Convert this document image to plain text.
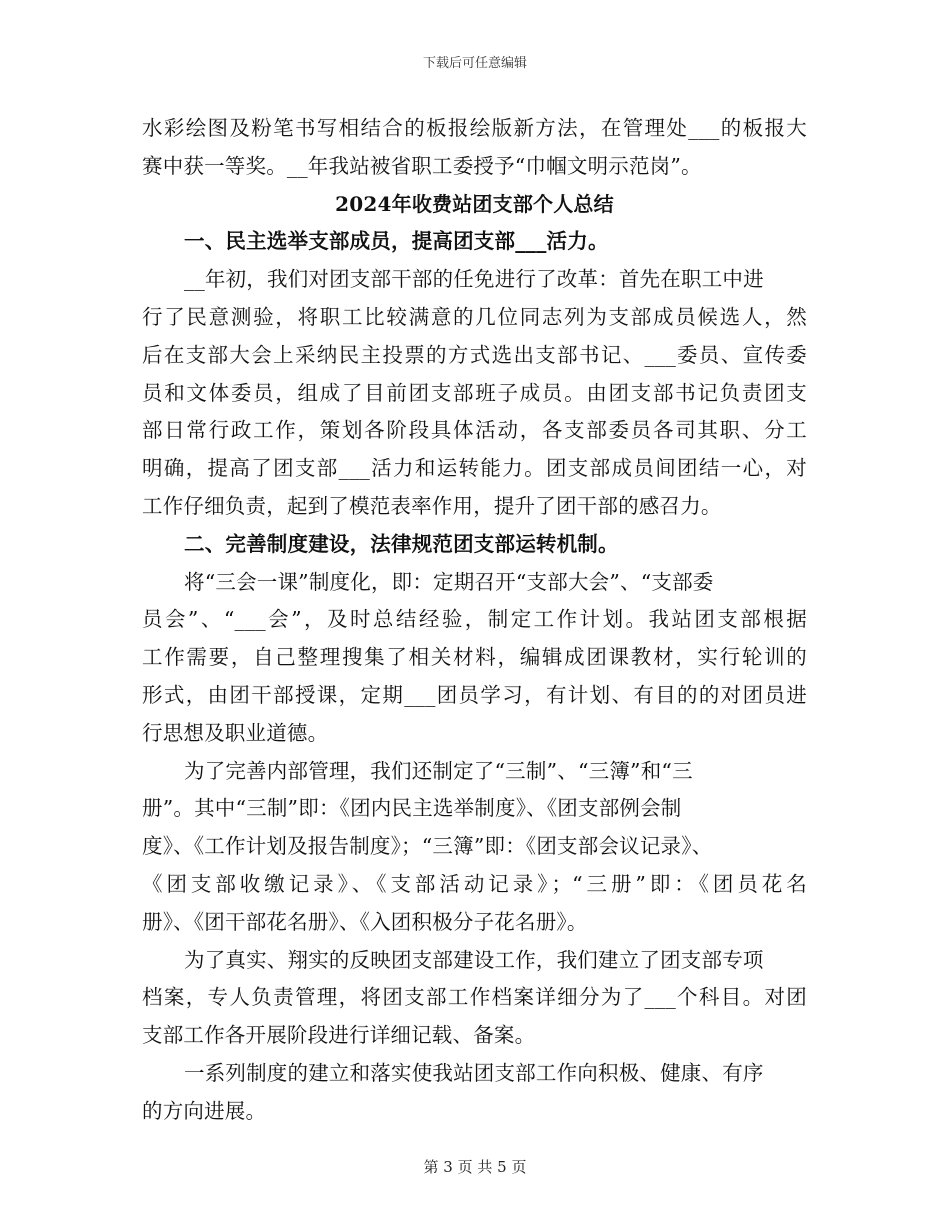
下载后可任意编辑
水彩绘图及粉笔书写相结合的板报绘版新方法，在管理处___的板报大
赛中获一等奖。__年我站被省职工委授予“巾帼文明示范岗”。
2024年收费站团支部个人总结
一、民主选举支部成员，提高团支部___活力。
__年初，我们对团支部干部的任免进行了改革：首先在职工中进
行了民意测验，将职工比较满意的几位同志列为支部成员候选人，然
后在支部大会上采纳民主投票的方式选出支部书记、___委员、宣传委
员和文体委员，组成了目前团支部班子成员。由团支部书记负责团支
部日常行政工作，策划各阶段具体活动，各支部委员各司其职、分工
明确，提高了团支部___活力和运转能力。团支部成员间团结一心，对
工作仔细负责，起到了模范表率作用，提升了团干部的感召力。
二、完善制度建设，法律规范团支部运转机制。
将“三会一课”制度化，即：定期召开“支部大会”、“支部委
员会”、“___会”，及时总结经验，制定工作计划。我站团支部根据
工作需要，自己整理搜集了相关材料，编辑成团课教材，实行轮训的
形式，由团干部授课，定期___团员学习，有计划、有目的的对团员进
行思想及职业道德。
为了完善内部管理，我们还制定了“三制”、“三簿”和“三
册”。其中“三制”即：《团内民主选举制度》、《团支部例会制
度》、《工作计划及报告制度》；“三簿”即：《团支部会议记录》、
《团支部收缴记录》、《支部活动记录》；“三册”即：《团员花名
册》、《团干部花名册》、《入团积极分子花名册》。
为了真实、翔实的反映团支部建设工作，我们建立了团支部专项
档案，专人负责管理，将团支部工作档案详细分为了___个科目。对团
支部工作各开展阶段进行详细记载、备案。
一系列制度的建立和落实使我站团支部工作向积极、健康、有序
的方向进展。
第 3 页 共 5 页
